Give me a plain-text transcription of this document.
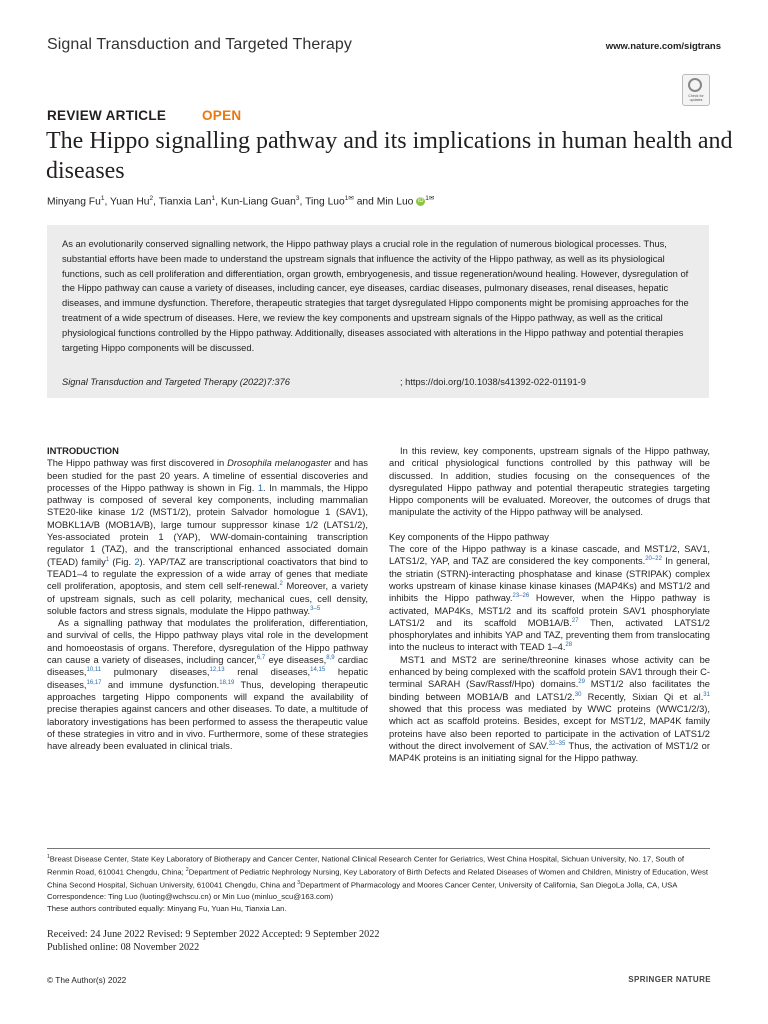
Signal Transduction and Targeted Therapy	www.nature.com/sigtrans
Check for updates
REVIEW ARTICLE	OPEN
The Hippo signalling pathway and its implications in human health and diseases
Minyang Fu$^1$, Yuan Hu$^2$, Tianxia Lan$^1$, Kun-Liang Guan$^3$, Ting Luo$^{1✉}$ and Min Luo iD $^{1✉}$
As an evolutionarily conserved signalling network, the Hippo pathway plays a crucial role in the regulation of numerous biological processes. Thus, substantial efforts have been made to understand the upstream signals that influence the activity of the Hippo pathway, as well as its physiological functions, such as cell proliferation and differentiation, organ growth, embryogenesis, and tissue regeneration/wound healing. However, dysregulation of the Hippo pathway can cause a variety of diseases, including cancer, eye diseases, cardiac diseases, pulmonary diseases, renal diseases, hepatic diseases, and immune dysfunction. Therefore, therapeutic strategies that target dysregulated Hippo components might be promising approaches for the treatment of a wide spectrum of diseases. Here, we review the key components and upstream signals of the Hippo pathway, as well as the critical physiological functions controlled by the Hippo pathway. Additionally, diseases associated with alterations in the Hippo pathway and potential therapies targeting Hippo components will be discussed.
Signal Transduction and Targeted Therapy (2022)7:376	; https://doi.org/10.1038/s41392-022-01191-9

INTRODUCTION

The Hippo pathway was first discovered in Drosophila melanogaster and has been studied for the past 20 years. A timeline of essential discoveries and processes of the Hippo pathway is shown in Fig. 1. In mammals, the Hippo pathway is composed of several key components, including mammalian STE20-like kinase 1/2 (MST1/2), protein Salvador homologue 1 (SAV1), MOBKL1A/B (MOB1A/B), large tumour suppressor kinase 1/2 (LATS1/2), Yes-associated protein 1 (YAP), WW-domain-containing transcription regulator 1 (TAZ), and the transcriptional enhanced associated domain (TEAD) family$^1$ (Fig. 2). YAP/TAZ are transcriptional coactivators that bind to TEAD1–4 to regulate the expression of a wide array of genes that mediate cell proliferation, apoptosis, and stem cell self-renewal.$^2$ Moreover, a variety of upstream signals, such as cell polarity, mechanical cues, cell density, soluble factors and stress signals, modulate the Hippo pathway.$^{3-5}$

As a signalling pathway that modulates the proliferation, differentiation, and survival of cells, the Hippo pathway plays vital role in the development and homoeostasis of organs. Therefore, dysregulation of the Hippo pathway can cause a variety of diseases, including cancer,$^{6,7}$ eye diseases,$^{8,9}$ cardiac diseases,$^{10,11}$ pulmonary diseases,$^{12,13}$ renal diseases,$^{14,15}$ hepatic diseases,$^{16,17}$ and immune dysfunction.$^{18,19}$ Thus, developing therapeutic approaches targeting Hippo components will expand the availability of precise therapies against cancers and other diseases. To date, a multitude of laboratory investigations has been performed to assess the therapeutic value of these strategies in vitro and in vivo. Furthermore, some of these strategies have already been evaluated in clinical trials.

In this review, key components, upstream signals of the Hippo pathway, and critical physiological functions controlled by this pathway will be discussed. In addition, studies focusing on the consequences of the dysregulated Hippo pathway and potential therapeutic strategies targeting Hippo components will be evaluated. Moreover, the outcomes of drugs that manipulate the activity of the Hippo pathway will be analysed.

Key components of the Hippo pathway

The core of the Hippo pathway is a kinase cascade, and MST1/2, SAV1, LATS1/2, YAP, and TAZ are considered the key components.$^{20-22}$ In general, the striatin (STRN)-interacting phosphatase and kinase (STRIPAK) complex works upstream of kinase kinase kinase kinases (MAP4Ks) and MST1/2 and inhibits the Hippo pathway.$^{23-26}$ However, when the Hippo pathway is activated, MAP4Ks, MST1/2 and its scaffold protein SAV1 phosphorylate LATS1/2 and its scaffold MOB1A/B.$^{27}$ Then, activated LATS1/2 phosphorylates and inhibits YAP and TAZ, preventing them from translocating into the nucleus to interact with TEAD 1–4.28

MST1 and MST2 are serine/threonine kinases whose activity can be enhanced by being complexed with the scaffold protein SAV1 through their C-terminal SARAH (Sav/Rassf/Hpo) domains.$^{29}$ MST1/2 also facilitates the binding between MOB1A/B and LATS1/2.30 Recently, Sixian Qi et al.$^{31}$ showed that this process was mediated by WWC proteins (WWC1/2/3), which act as scaffold proteins. Besides, except for MST1/2, MAP4K family proteins have also been reported to participate in the activation of LATS1/2 without the direct involvement of SAV.$^{32-35}$ Thus, the activation of MST1/2 or MAP4K proteins is an initiating signal for the Hippo pathway.

$^1$Breast Disease Center, State Key Laboratory of Biotherapy and Cancer Center, National Clinical Research Center for Geriatrics, West China Hospital, Sichuan University, No. 17, South of Renmin Road, 610041 Chengdu, China; $^2$Department of Pediatric Nephrology Nursing, Key Laboratory of Birth Defects and Related Diseases of Women and Children, Ministry of Education, West China Second Hospital, Sichuan University, 610041 Chengdu, China and $^3$Department of Pharmacology and Moores Cancer Center, University of California, San DiegoLa Jolla, CA, USA
Correspondence: Ting Luo (luoting@wchscu.cn) or Min Luo (minluo_scu@163.com)
These authors contributed equally: Minyang Fu, Yuan Hu, Tianxia Lan.
Received: 24 June 2022 Revised: 9 September 2022 Accepted: 9 September 2022
Published online: 08 November 2022
© The Author(s) 2022	SPRINGER NATURE
